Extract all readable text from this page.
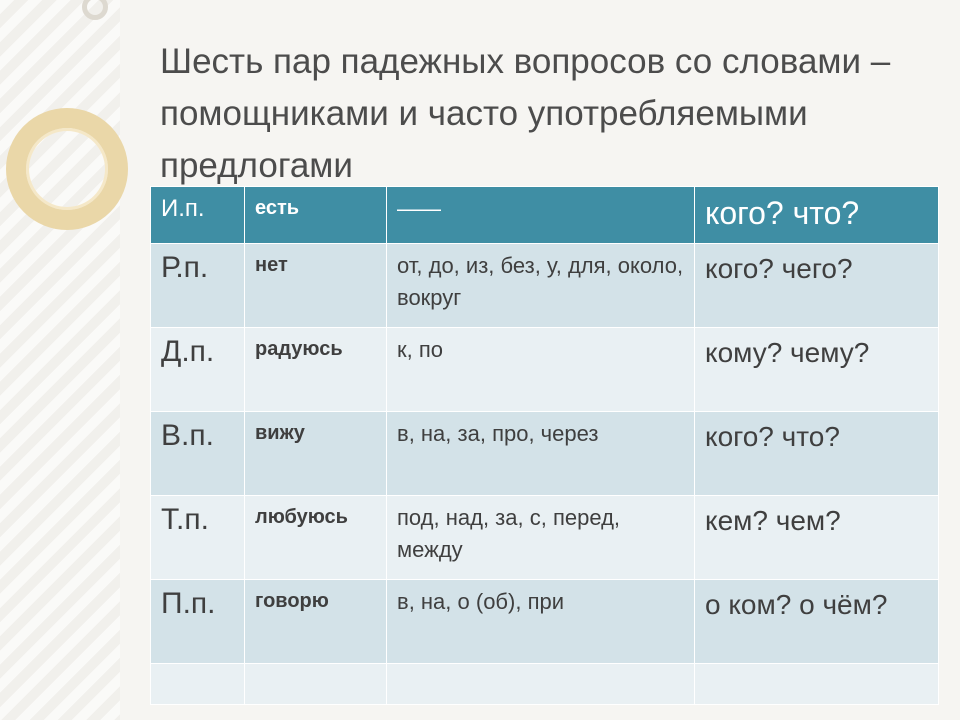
Шесть пар падежных вопросов со словами – помощниками и часто употребляемыми предлогами
И.п.	есть	——	кого? что?
Р.п.	нет	от, до, из, без, у, для, около, вокруг	кого? чего?
Д.п.	радуюсь	к, по	кому? чему?
В.п.	вижу	в, на, за, про, через	кого? что?
Т.п.	любуюсь	под, над, за, с, перед, между	кем? чем?
П.п.	говорю	в, на, о (об), при	о ком? о чём?
